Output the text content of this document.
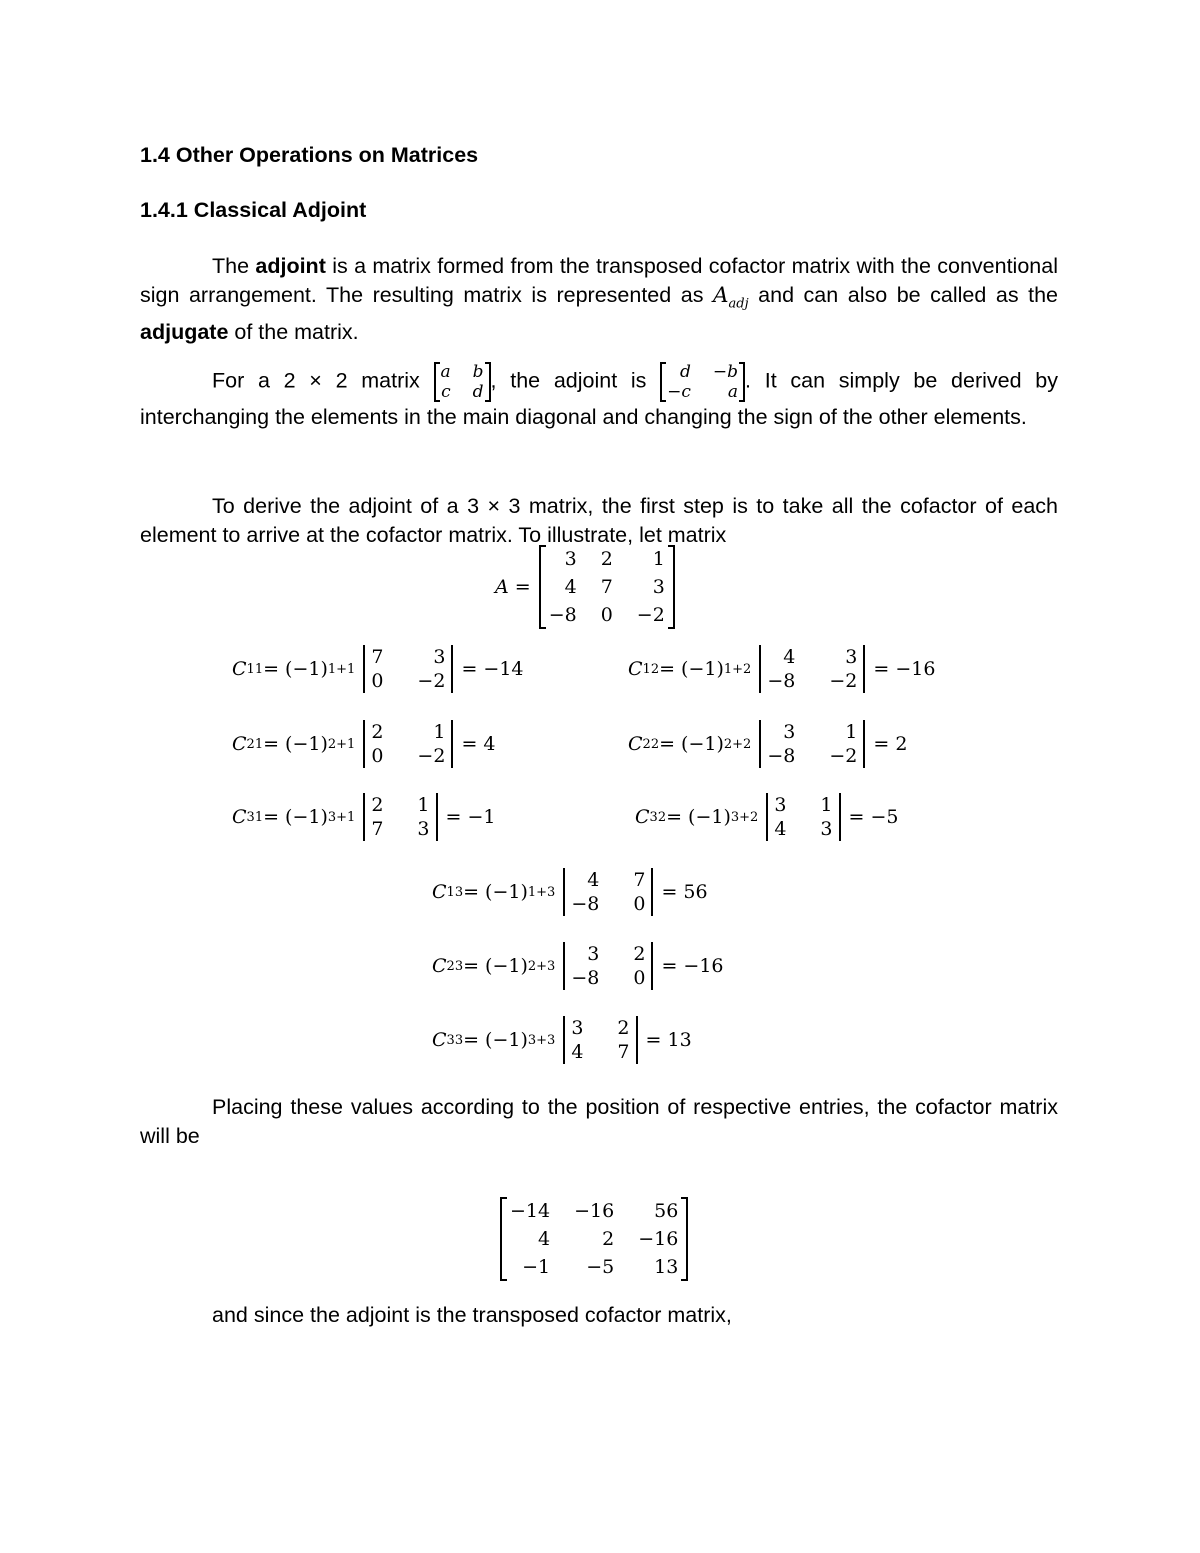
1.4 Other Operations on Matrices
1.4.1 Classical Adjoint
The adjoint is a matrix formed from the transposed cofactor matrix with the conventional sign arrangement. The resulting matrix is represented as $A_{adj}$ and can also be called as the adjugate of the matrix.
For a 2 × 2 matrix a b
c d , the adjoint is	d −b
−c	a . It can simply be derived by interchanging the elements in the main diagonal and changing the sign of the other elements.
To derive the adjoint of a 3 × 3 matrix, the first step is to take all the cofactor of each element to arrive at the cofactor matrix. To illustrate, let matrix
A =
3 2	1
4 7	3
−8 0 −2
C 11 = (−1) 1+1
7	3
0 −2
= −14	C 12 = (−1) 1+2
4	3
−8 −2
= −16
C 21 = (−1) 2+1
2	1
0 −2
= 4	C 22 = (−1) 2+2
3	1
−8 −2
= 2
C 31 = (−1) 3+1
2 1
7 3
= −1	C 32 = (−1) 3+2
3 1
4 3
= −5
C 13 = (−1) 1+3
4 7
−8 0
= 56
C 23 = (−1) 2+3
3 2
−8 0
= −16
C 33 = (−1) 3+3
3 2
4 7
= 13
Placing these values according to the position of respective entries, the cofactor matrix will be
−14 −16	56
4	2 −16
−1	−5	13
and since the adjoint is the transposed cofactor matrix,
